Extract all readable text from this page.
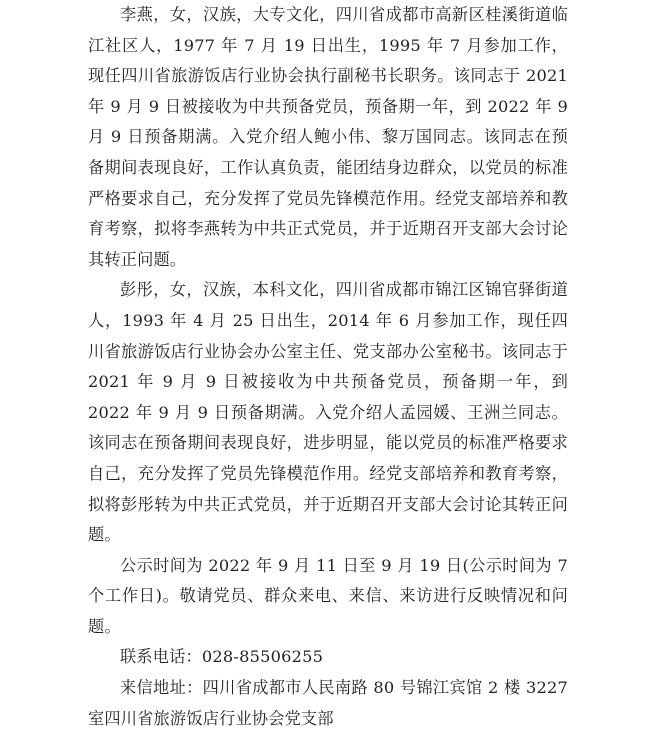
李燕，女，汉族，大专文化，四川省成都市高新区桂溪街道临江社区人，1977 年 7 月 19 日出生，1995 年 7 月参加工作，现任四川省旅游饭店行业协会执行副秘书长职务。该同志于 2021 年 9 月 9 日被接收为中共预备党员，预备期一年，到 2022 年 9 月 9 日预备期满。入党介绍人鲍小伟、黎万国同志。该同志在预备期间表现良好，工作认真负责，能团结身边群众，以党员的标准严格要求自己，充分发挥了党员先锋模范作用。经党支部培养和教育考察，拟将李燕转为中共正式党员，并于近期召开支部大会讨论其转正问题。

彭彤，女，汉族，本科文化，四川省成都市锦江区锦官驿街道人，1993 年 4 月 25 日出生，2014 年 6 月参加工作，现任四川省旅游饭店行业协会办公室主任、党支部办公室秘书。该同志于 2021 年 9 月 9 日被接收为中共预备党员，预备期一年，到 2022 年 9 月 9 日预备期满。入党介绍人孟园媛、王洲兰同志。该同志在预备期间表现良好，进步明显，能以党员的标准严格要求自己，充分发挥了党员先锋模范作用。经党支部培养和教育考察，拟将彭彤转为中共正式党员，并于近期召开支部大会讨论其转正问题。

公示时间为 2022 年 9 月 11 日至 9 月 19 日(公示时间为 7 个工作日)。敬请党员、群众来电、来信、来访进行反映情况和问题。

联系电话：028-85506255

来信地址：四川省成都市人民南路 80 号锦江宾馆 2 楼 3227 室四川省旅游饭店行业协会党支部
